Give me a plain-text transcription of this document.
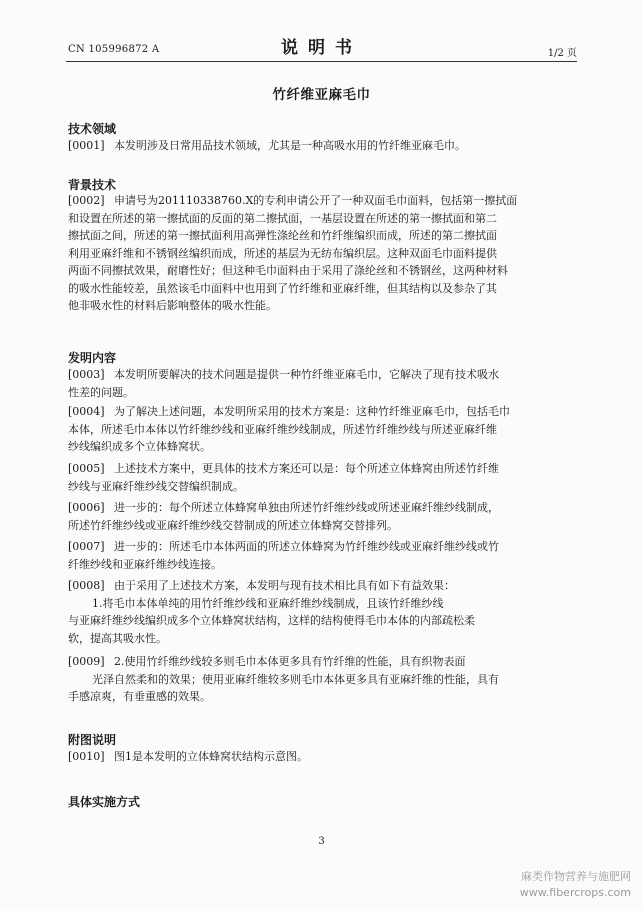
CN 105996872 A	说明书	1/2 页
竹纤维亚麻毛巾
技术领域
[0001] 本发明涉及日常用品技术领域，尤其是一种高吸水用的竹纤维亚麻毛巾。
背景技术
[0002] 申请号为201110338760.X的专利申请公开了一种双面毛巾面料，包括第一擦拭面
和设置在所述的第一擦拭面的反面的第二擦拭面，一基层设置在所述的第一擦拭面和第二
擦拭面之间，所述的第一擦拭面利用高弹性涤纶丝和竹纤维编织而成，所述的第二擦拭面
利用亚麻纤维和不锈钢丝编织而成，所述的基层为无纺布编织层。这种双面毛巾面料提供
两面不同擦拭效果，耐磨性好；但这种毛巾面料由于采用了涤纶丝和不锈钢丝，这两种材料
的吸水性能较差，虽然该毛巾面料中也用到了竹纤维和亚麻纤维，但其结构以及参杂了其
他非吸水性的材料后影响整体的吸水性能。
发明内容
[0003] 本发明所要解决的技术问题是提供一种竹纤维亚麻毛巾，它解决了现有技术吸水
性差的问题。
[0004] 为了解决上述问题，本发明所采用的技术方案是：这种竹纤维亚麻毛巾，包括毛巾
本体，所述毛巾本体以竹纤维纱线和亚麻纤维纱线制成，所述竹纤维纱线与所述亚麻纤维
纱线编织成多个立体蜂窝状。
[0005] 上述技术方案中，更具体的技术方案还可以是：每个所述立体蜂窝由所述竹纤维
纱线与亚麻纤维纱线交替编织制成。
[0006] 进一步的：每个所述立体蜂窝单独由所述竹纤维纱线或所述亚麻纤维纱线制成，
所述竹纤维纱线或亚麻纤维纱线交替制成的所述立体蜂窝交替排列。
[0007] 进一步的：所述毛巾本体两面的所述立体蜂窝为竹纤维纱线或亚麻纤维纱线或竹
纤维纱线和亚麻纤维纱线连接。
[0008] 由于采用了上述技术方案，本发明与现有技术相比具有如下有益效果：
1.将毛巾本体单纯的用竹纤维纱线和亚麻纤维纱线制成，且该竹纤维纱线
与亚麻纤维纱线编织成多个立体蜂窝状结构，这样的结构使得毛巾本体的内部疏松柔
软，提高其吸水性。
[0009] 2.使用竹纤维纱线较多则毛巾本体更多具有竹纤维的性能，具有织物表面
光泽自然柔和的效果；使用亚麻纤维较多则毛巾本体更多具有亚麻纤维的性能，具有
手感凉爽，有垂重感的效果。
附图说明
[0010] 图1是本发明的立体蜂窝状结构示意图。
具体实施方式
3
麻类作物营养与施肥网
www.fibercrops.com
